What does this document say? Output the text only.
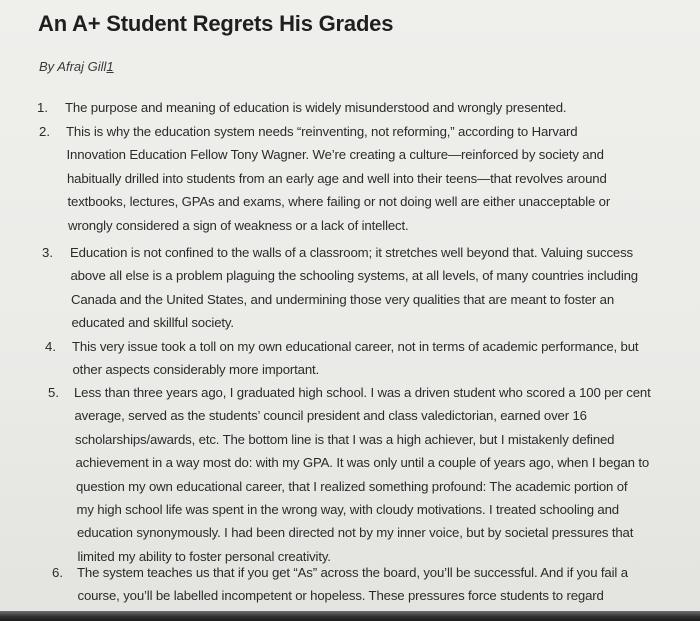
An A+ Student Regrets His Grades
By Afraj Gill1
1. The purpose and meaning of education is widely misunderstood and wrongly presented.
2. This is why the education system needs “reinventing, not reforming,” according to Harvard
Innovation Education Fellow Tony Wagner. We’re creating a culture—reinforced by society and
habitually drilled into students from an early age and well into their teens—that revolves around
textbooks, lectures, GPAs and exams, where failing or not doing well are either unacceptable or
wrongly considered a sign of weakness or a lack of intellect.
3. Education is not confined to the walls of a classroom; it stretches well beyond that. Valuing success
above all else is a problem plaguing the schooling systems, at all levels, of many countries including
Canada and the United States, and undermining those very qualities that are meant to foster an
educated and skillful society.
4. This very issue took a toll on my own educational career, not in terms of academic performance, but
other aspects considerably more important.
5. Less than three years ago, I graduated high school. I was a driven student who scored a 100 per cent
average, served as the students’ council president and class valedictorian, earned over 16
scholarships/awards, etc. The bottom line is that I was a high achiever, but I mistakenly defined
achievement in a way most do: with my GPA. It was only until a couple of years ago, when I began to
question my own educational career, that I realized something profound: The academic portion of
my high school life was spent in the wrong way, with cloudy motivations. I treated schooling and
education synonymously. I had been directed not by my inner voice, but by societal pressures that
limited my ability to foster personal creativity.
6. The system teaches us that if you get “As” across the board, you’ll be successful. And if you fail a
course, you’ll be labelled incompetent or hopeless. These pressures force students to regard
